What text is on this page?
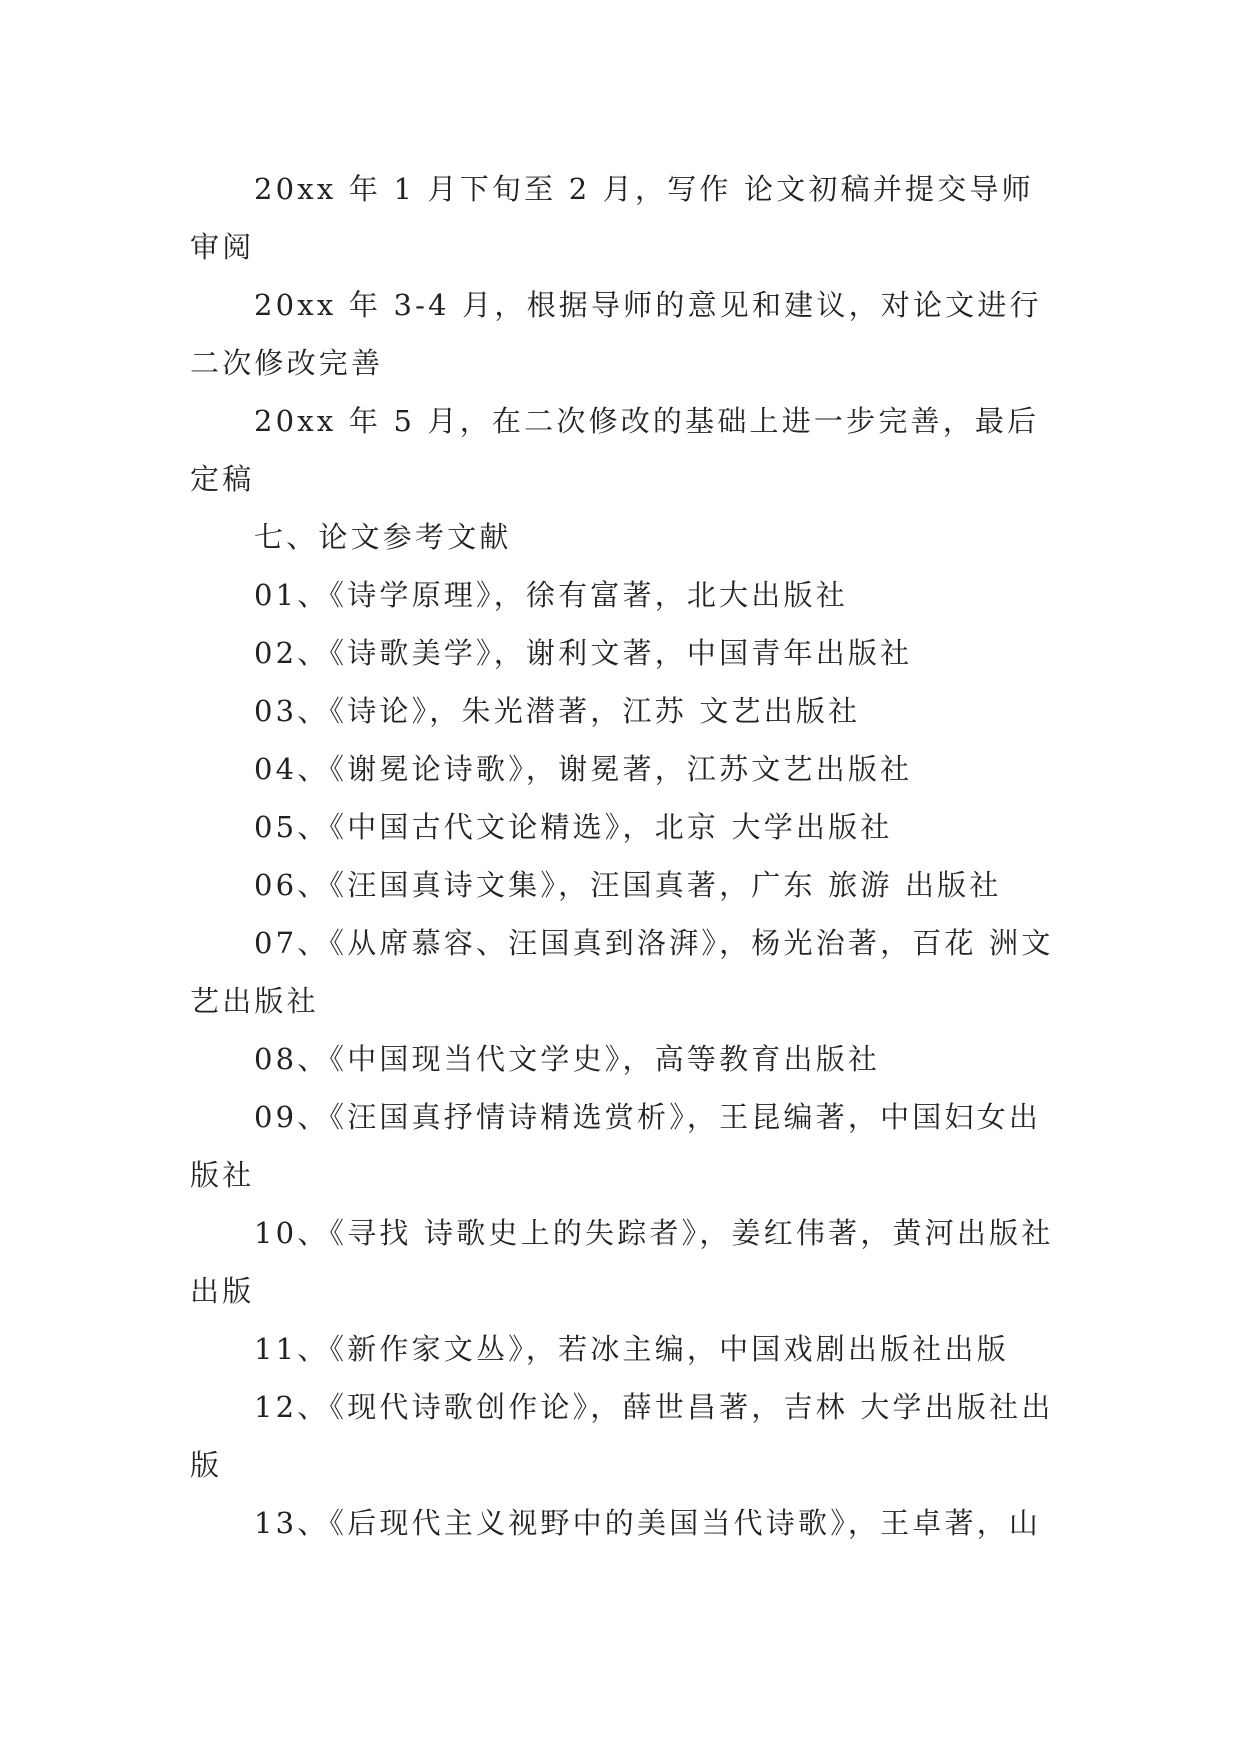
20xx 年 1 月下旬至 2 月，写作 论文初稿并提交导师审阅

20xx 年 3-4 月，根据导师的意见和建议，对论文进行二次修改完善

20xx 年 5 月，在二次修改的基础上进一步完善，最后定稿

七、论文参考文献

01、《诗学原理》，徐有富著，北大出版社

02、《诗歌美学》，谢利文著，中国青年出版社

03、《诗论》，朱光潜著，江苏 文艺出版社

04、《谢冕论诗歌》，谢冕著，江苏文艺出版社

05、《中国古代文论精选》，北京 大学出版社

06、《汪国真诗文集》，汪国真著，广东 旅游 出版社

07、《从席慕容、汪国真到洛湃》，杨光治著，百花 洲文艺出版社

08、《中国现当代文学史》，高等教育出版社

09、《汪国真抒情诗精选赏析》，王昆编著，中国妇女出版社

10、《寻找 诗歌史上的失踪者》，姜红伟著，黄河出版社出版

11、《新作家文丛》，若冰主编，中国戏剧出版社出版

12、《现代诗歌创作论》，薛世昌著，吉林 大学出版社出版

13、《后现代主义视野中的美国当代诗歌》，王卓著，山
